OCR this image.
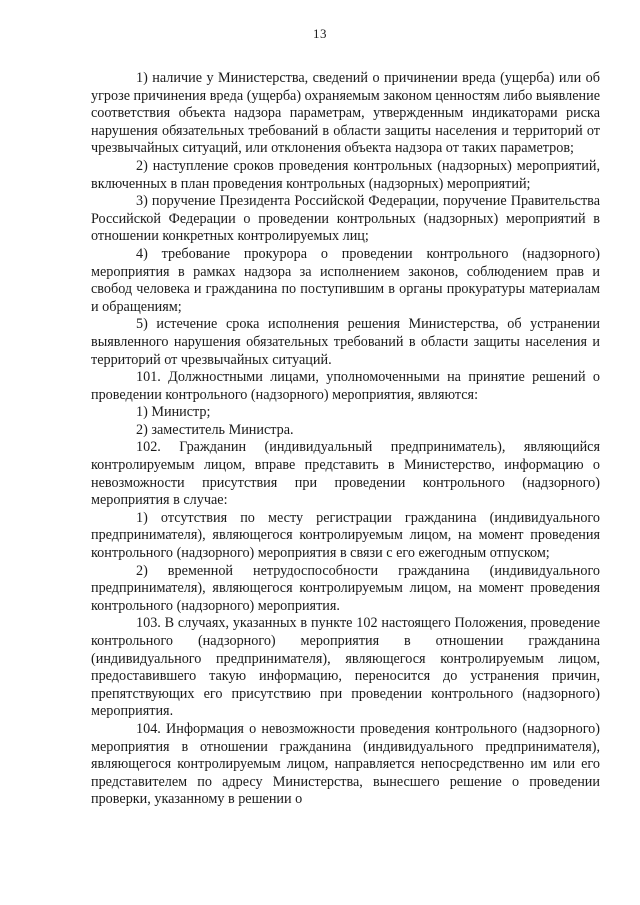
13

1) наличие у Министерства, сведений о причинении вреда (ущерба) или об угрозе причинения вреда (ущерба) охраняемым законом ценностям либо выявление соответствия объекта надзора параметрам, утвержденным индикаторами риска нарушения обязательных требований в области защиты населения и территорий от чрезвычайных ситуаций, или отклонения объекта надзора от таких параметров;

2) наступление сроков проведения контрольных (надзорных) мероприятий, включенных в план проведения контрольных (надзорных) мероприятий;

3) поручение Президента Российской Федерации, поручение Правительства Российской Федерации о проведении контрольных (надзорных) мероприятий в отношении конкретных контролируемых лиц;

4) требование прокурора о проведении контрольного (надзорного) мероприятия в рамках надзора за исполнением законов, соблюдением прав и свобод человека и гражданина по поступившим в органы прокуратуры материалам и обращениям;

5) истечение срока исполнения решения Министерства, об устранении выявленного нарушения обязательных требований в области защиты населения и территорий от чрезвычайных ситуаций.

101. Должностными лицами, уполномоченными на принятие решений о проведении контрольного (надзорного) мероприятия, являются:

1) Министр;

2) заместитель Министра.

102. Гражданин (индивидуальный предприниматель), являющийся контролируемым лицом, вправе представить в Министерство, информацию о невозможности присутствия при проведении контрольного (надзорного) мероприятия в случае:

1) отсутствия по месту регистрации гражданина (индивидуального предпринимателя), являющегося контролируемым лицом, на момент проведения контрольного (надзорного) мероприятия в связи с его ежегодным отпуском;

2) временной нетрудоспособности гражданина (индивидуального предпринимателя), являющегося контролируемым лицом, на момент проведения контрольного (надзорного) мероприятия.

103. В случаях, указанных в пункте 102 настоящего Положения, проведение контрольного (надзорного) мероприятия в отношении гражданина (индивидуального предпринимателя), являющегося контролируемым лицом, предоставившего такую информацию, переносится до устранения причин, препятствующих его присутствию при проведении контрольного (надзорного) мероприятия.

104. Информация о невозможности проведения контрольного (надзорного) мероприятия в отношении гражданина (индивидуального предпринимателя), являющегося контролируемым лицом, направляется непосредственно им или его представителем по адресу Министерства, вынесшего решение о проведении проверки, указанному в решении о
